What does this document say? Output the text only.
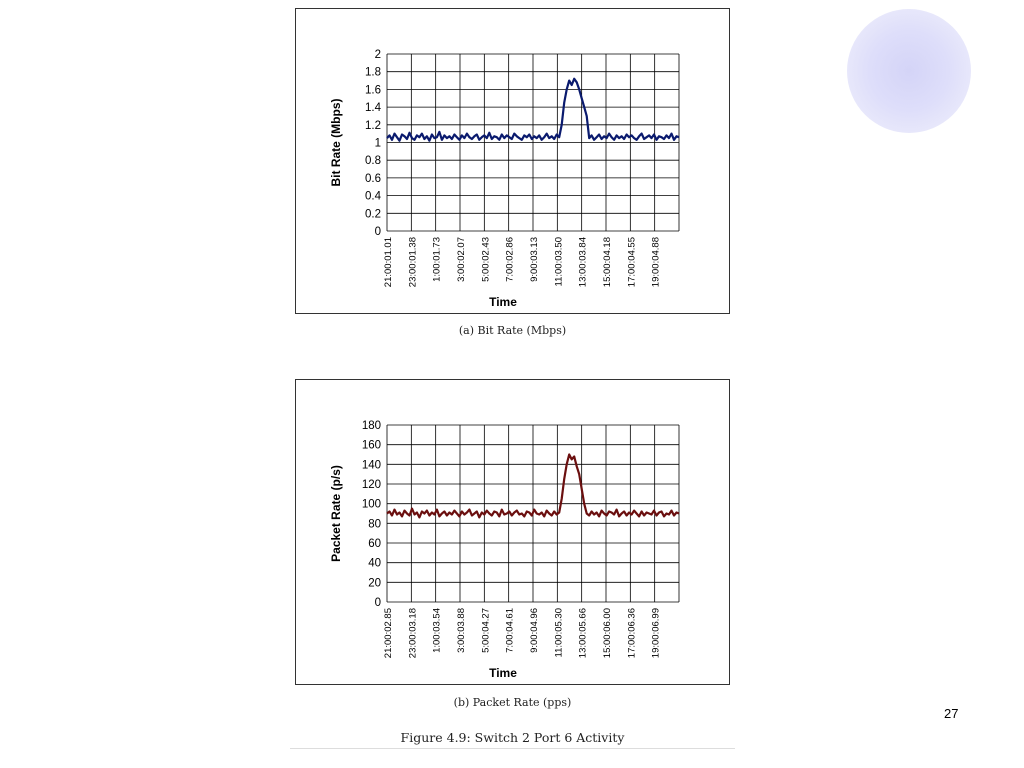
0
0.2
0.4
0.6
0.8
1
1.2
1.4
1.6
1.8
2
21:00:01.01 23:00:01.38 1:00:01.73 3:00:02.07 5:00:02.43 7:00:02.86 9:00:03.13 11:00:03.50 13:00:03.84 15:00:04.18 17:00:04.55 19:00:04.88
Time
Bit Rate (Mbps)
(a) Bit Rate (Mbps)
0
20
40
60
80
100
120
140
160
180
21:00:02.85 23:00:03.18 1:00:03.54 3:00:03.88 5:00:04.27 7:00:04.61 9:00:04.96 11:00:05.30 13:00:05.66 15:00:06.00 17:00:06.36 19:00:06.99
Time
Packet Rate (p/s)
(b) Packet Rate (pps)
Figure 4.9: Switch 2 Port 6 Activity
27
